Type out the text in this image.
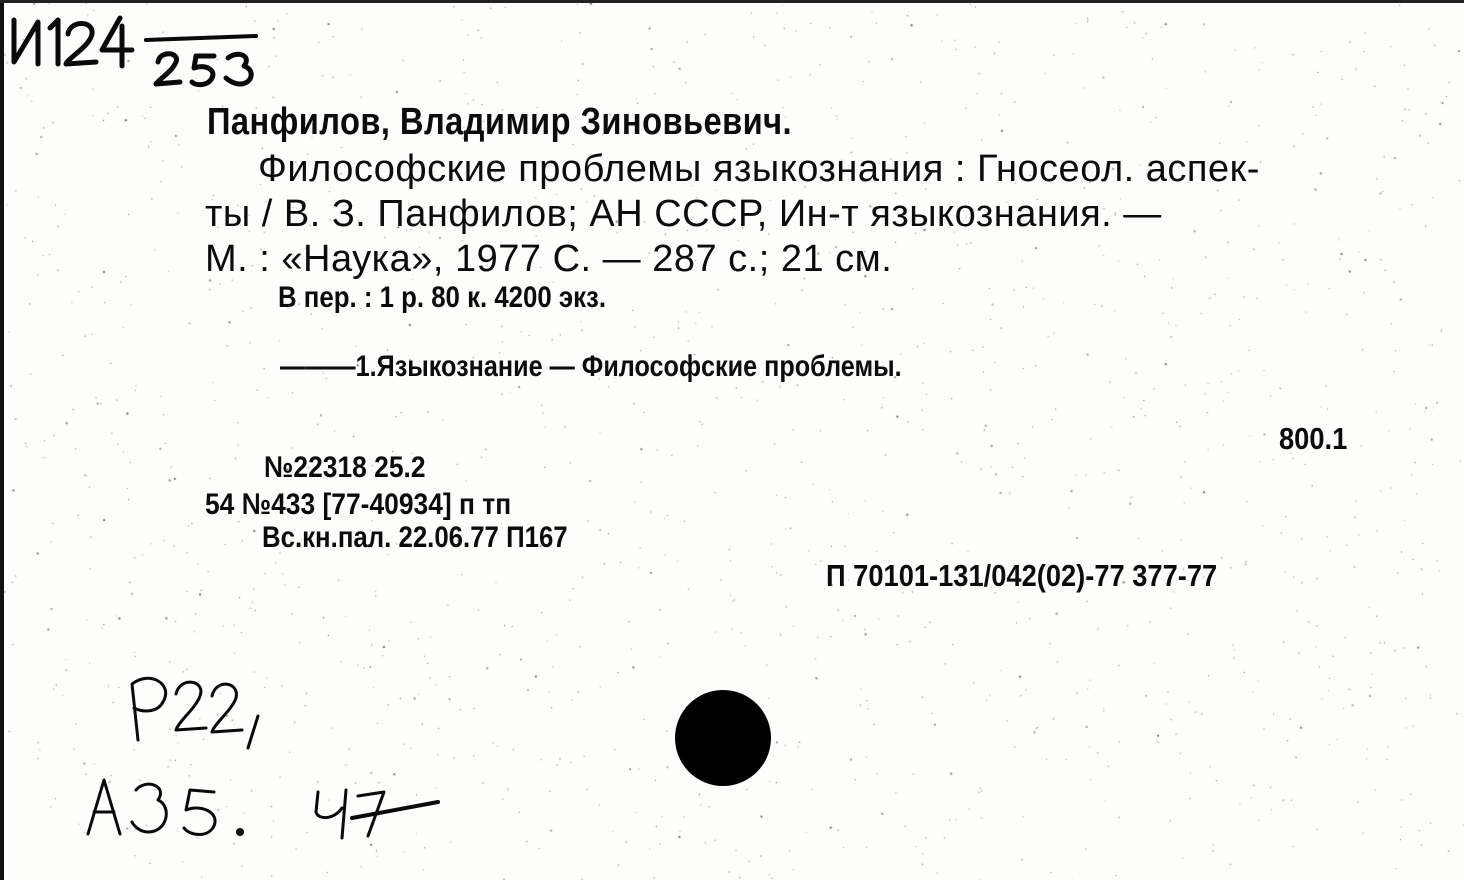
Панфилов, Владимир Зиновьевич.
Философские проблемы языкознания : Гносеол. аспек-
ты / В. З. Панфилов; АН СССР, Ин-т языкознания. —
М. : «Наука», 1977 С. — 287 с.; 21 см.
В пер. : 1 р. 80 к. 4200 экз.
———1.Языкознание — Философские проблемы.
800.1
№22318 25.2
54 №433 [77-40934] п тп
Вс.кн.пал. 22.06.77 П167
П 70101-131/042(02)-77 377-77
